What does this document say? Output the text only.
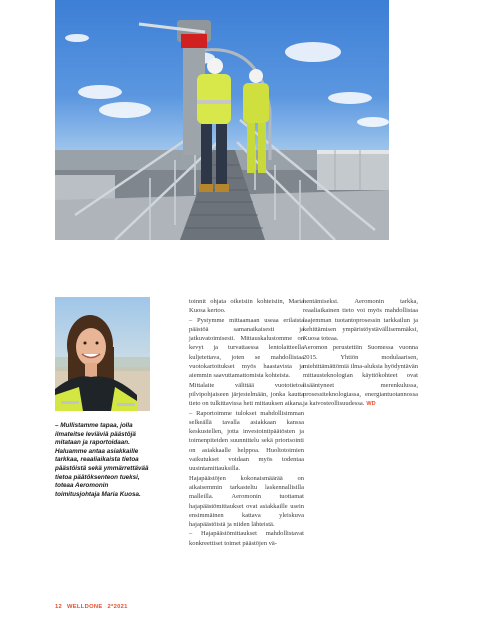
– Mullistamme tapaa, jolla ilmateitse leviäviä päästöjä mitataan ja raportoidaan. Haluamme antaa asiakkaille tarkkaa, reaaliaikaista tietoa päästöistä sekä ymmärrettävää tietoa päätöksenteon tueksi, toteaa Aeromonin toimitusjohtaja Maria Kuosa.

toinnit ohjata oikeisiin kohteisiin, Maria Kuosa kertoo.

– Pystymme mittaamaan useaa erilaista päästöä samanaikaisesti ja jatkuvatoimisesti. Mittauskalustomme on kevyt ja turvattaessa lentolaitteella kuljetettava, joten se mahdollistaa vuotokartoitukset myös haastavista ja aiemmin saavuttamattomista kohteista.

Mittalaite välittää vuototietoa pilvipohjaiseen järjestelmään, jonka kautta tieto on tulkittavissa heti mittauksen aikana.

– Raportoimme tulokset mahdollisimman selkeällä tavalla asiakkaan kanssa keskustellen, jotta investointipäätösten ja toimenpiteiden suunnittelu sekä priorisointi on asiakkaalle helppoa. Huoltotoimien vaikutukset voidaan myös todentaa uusintamittauksilla.

Hajapäästöjen kokonaismäärää on aikaisemmin tarkasteltu laskennallisilla malleilla. Aeromonin tuottamat hajapäästömittaukset ovat asiakkaille usein ensimmäinen kattava yleiskuva hajapäästöistä ja niiden lähteistä.

– Hajapäästömittaukset mahdollistavat konkreettiset toimet päästöjen vä-

hentämiseksi. Aeromonin tarkka, reaaliaikainen tieto voi myös mahdollistaa laajemman tuotantoprosessin tarkkailun ja kehittämisen ympäristöystävällisemmäksi, Kuosa toteaa.

Aeromon perustettiin Suomessa vuonna 2015. Yhtiön modulaarisen, miehittämättömiä ilma-aluksia hyödyntävän mittausteknologian käyttökohteet ovat lisääntyneet merenkulussa, prosessiteknologiassa, energiantuotannossa ja kaivosteollisuudessa. WD

12 WELLDONE 2*2021
